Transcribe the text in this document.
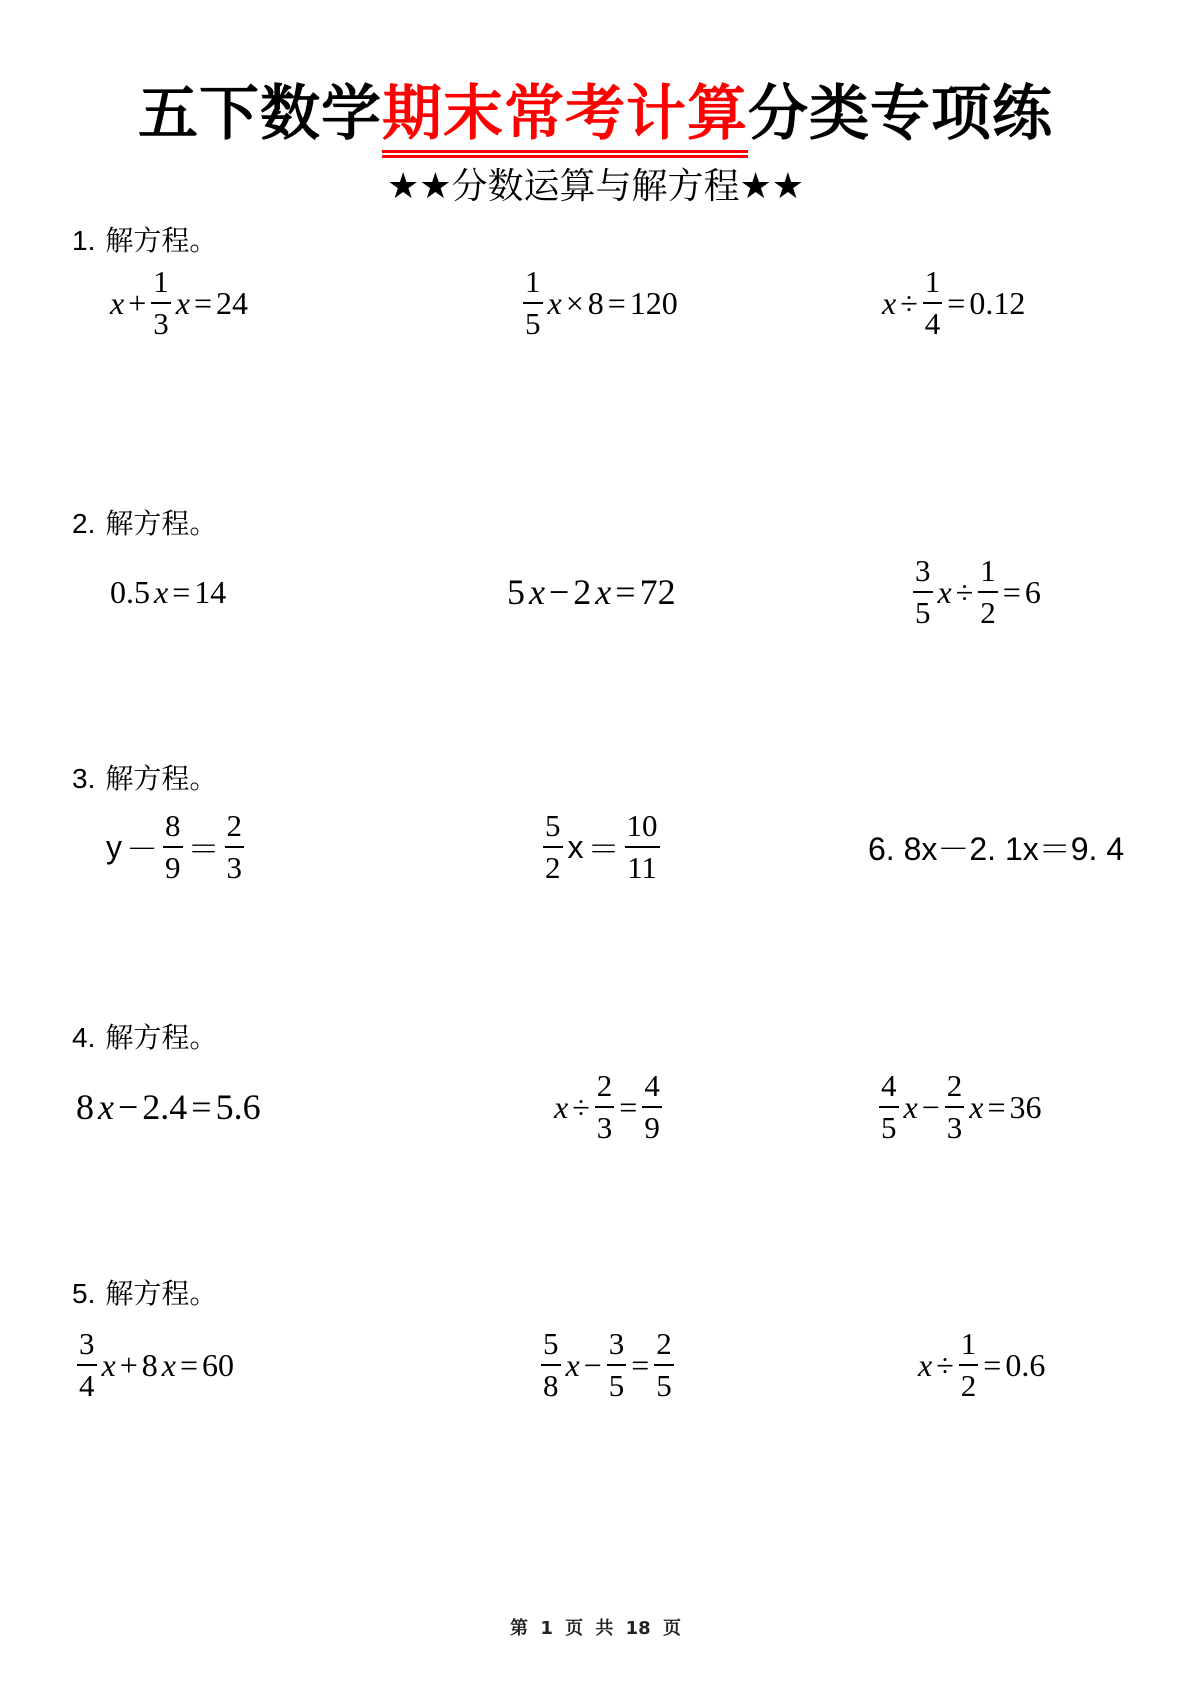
五下数学期末常考计算分类专项练
★★分数运算与解方程★★
1. 解方程。
$x + \frac{1}{3}$ x = 24	$\frac{1}{5}$ x × 8 = 120	$x \div \frac{1}{4} = 0.12$
2. 解方程。
0.5 x = 14	5 x − 2 x = 72	$\frac{3}{5}$ $x \div \frac{1}{2} = 6$
3. 解方程。
$y - \frac{8}{9} = \frac{2}{3}$	$\frac{5}{2}$ $x = \frac{10}{11}$	6. 8x－2. 1x＝9. 4
4. 解方程。
8 x − 2.4 = 5.6	$x \div \frac{2}{3} = \frac{4}{9}$	$\frac{4}{5}$ $x - \frac{2}{3}$ x = 36
5. 解方程。
$\frac{3}{4}$ x + 8 x = 60	$\frac{5}{8}$ $x - \frac{3}{5} = \frac{2}{5}$	$x \div \frac{1}{2} = 0.6$
第 1 页 共 18 页
